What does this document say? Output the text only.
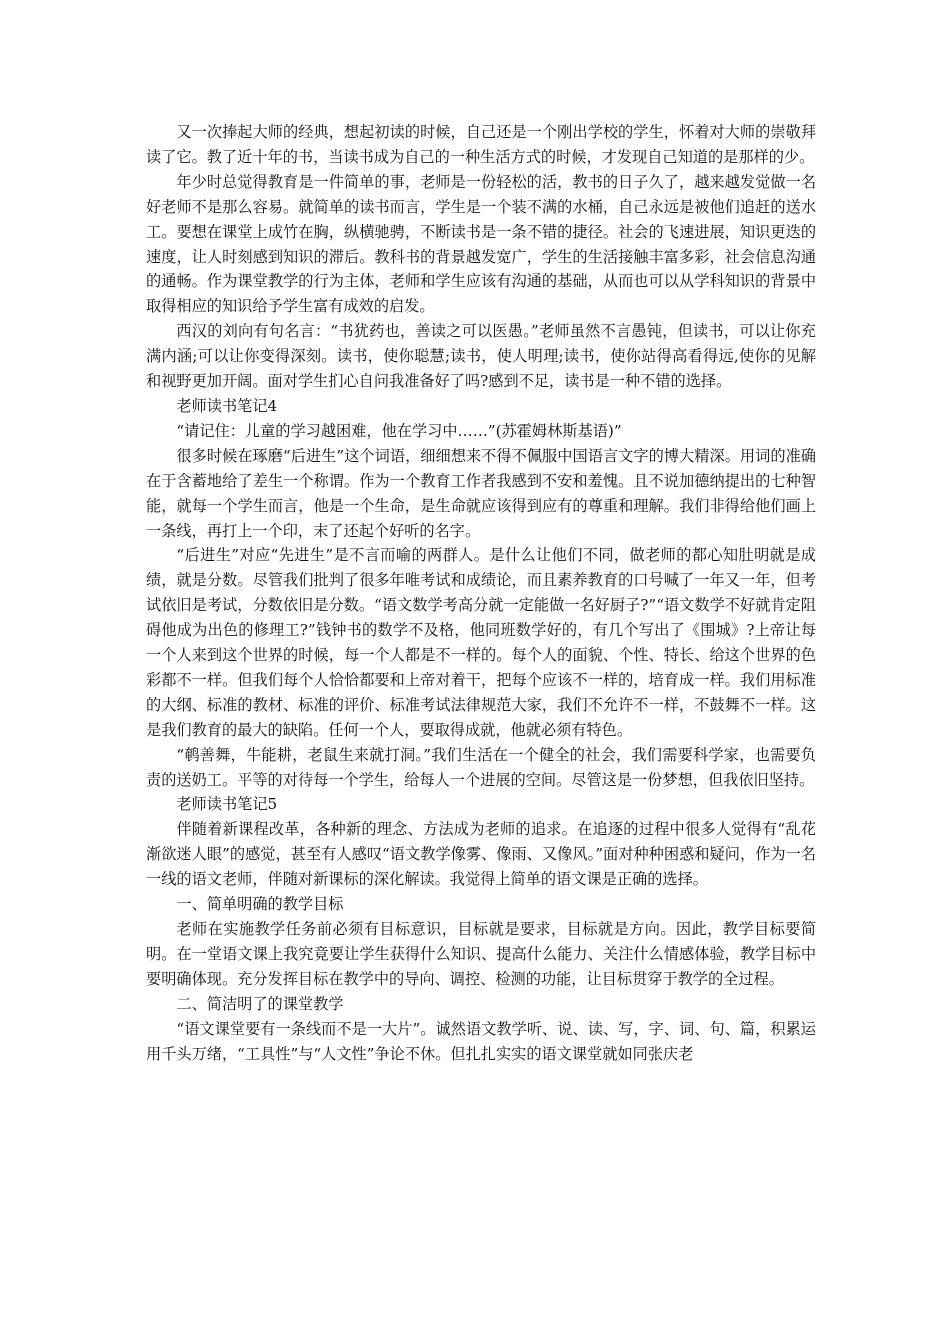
又一次捧起大师的经典，想起初读的时候，自己还是一个刚出学校的学生，怀着对大师的崇敬拜读了它。教了近十年的书，当读书成为自己的一种生活方式的时候，才发现自己知道的是那样的少。

年少时总觉得教育是一件简单的事，老师是一份轻松的活，教书的日子久了，越来越发觉做一名好老师不是那么容易。就简单的读书而言，学生是一个装不满的水桶，自己永远是被他们追赶的送水工。要想在课堂上成竹在胸，纵横驰骋，不断读书是一条不错的捷径。社会的飞速进展，知识更迭的速度，让人时刻感到知识的滞后。教科书的背景越发宽广，学生的生活接触丰富多彩，社会信息沟通的通畅。作为课堂教学的行为主体，老师和学生应该有沟通的基础，从而也可以从学科知识的背景中取得相应的知识给予学生富有成效的启发。

西汉的刘向有句名言：“书犹药也，善读之可以医愚。”老师虽然不言愚钝，但读书，可以让你充满内涵;可以让你变得深刻。读书，使你聪慧;读书，使人明理;读书，使你站得高看得远,使你的见解和视野更加开阔。面对学生扪心自问我准备好了吗?感到不足，读书是一种不错的选择。

老师读书笔记4

“请记住：儿童的学习越困难，他在学习中……”(苏霍姆林斯基语)”

很多时候在琢磨“后进生”这个词语，细细想来不得不佩服中国语言文字的博大精深。用词的准确在于含蓄地给了差生一个称谓。作为一个教育工作者我感到不安和羞愧。且不说加德纳提出的七种智能，就每一个学生而言，他是一个生命，是生命就应该得到应有的尊重和理解。我们非得给他们画上一条线，再打上一个印，末了还起个好听的名字。

“后进生”对应“先进生”是不言而喻的两群人。是什么让他们不同，做老师的都心知肚明就是成绩，就是分数。尽管我们批判了很多年唯考试和成绩论，而且素养教育的口号喊了一年又一年，但考试依旧是考试，分数依旧是分数。“语文数学考高分就一定能做一名好厨子?”“语文数学不好就肯定阻碍他成为出色的修理工?”钱钟书的数学不及格，他同班数学好的，有几个写出了《围城》?上帝让每一个人来到这个世界的时候，每一个人都是不一样的。每个人的面貌、个性、特长、给这个世界的色彩都不一样。但我们每个人恰恰都要和上帝对着干，把每个应该不一样的，培育成一样。我们用标准的大纲、标准的教材、标准的评价、标准考试法律规范大家，我们不允许不一样，不鼓舞不一样。这是我们教育的最大的缺陷。任何一个人，要取得成就，他就必须有特色。

“鹌善舞，牛能耕，老鼠生来就打洞。”我们生活在一个健全的社会，我们需要科学家，也需要负责的送奶工。平等的对待每一个学生，给每人一个进展的空间。尽管这是一份梦想，但我依旧坚持。

老师读书笔记5

伴随着新课程改革，各种新的理念、方法成为老师的追求。在追逐的过程中很多人觉得有“乱花渐欲迷人眼”的感觉，甚至有人感叹“语文教学像雾、像雨、又像风。”面对种种困惑和疑问，作为一名一线的语文老师，伴随对新课标的深化解读。我觉得上简单的语文课是正确的选择。

一、简单明确的教学目标

老师在实施教学任务前必须有目标意识，目标就是要求，目标就是方向。因此，教学目标要简明。在一堂语文课上我究竟要让学生获得什么知识、提高什么能力、关注什么情感体验，教学目标中要明确体现。充分发挥目标在教学中的导向、调控、检测的功能，让目标贯穿于教学的全过程。

二、简洁明了的课堂教学

“语文课堂要有一条线而不是一大片”。诚然语文教学听、说、读、写，字、词、句、篇，积累运用千头万绪，“工具性”与“人文性”争论不休。但扎扎实实的语文课堂就如同张庆老
